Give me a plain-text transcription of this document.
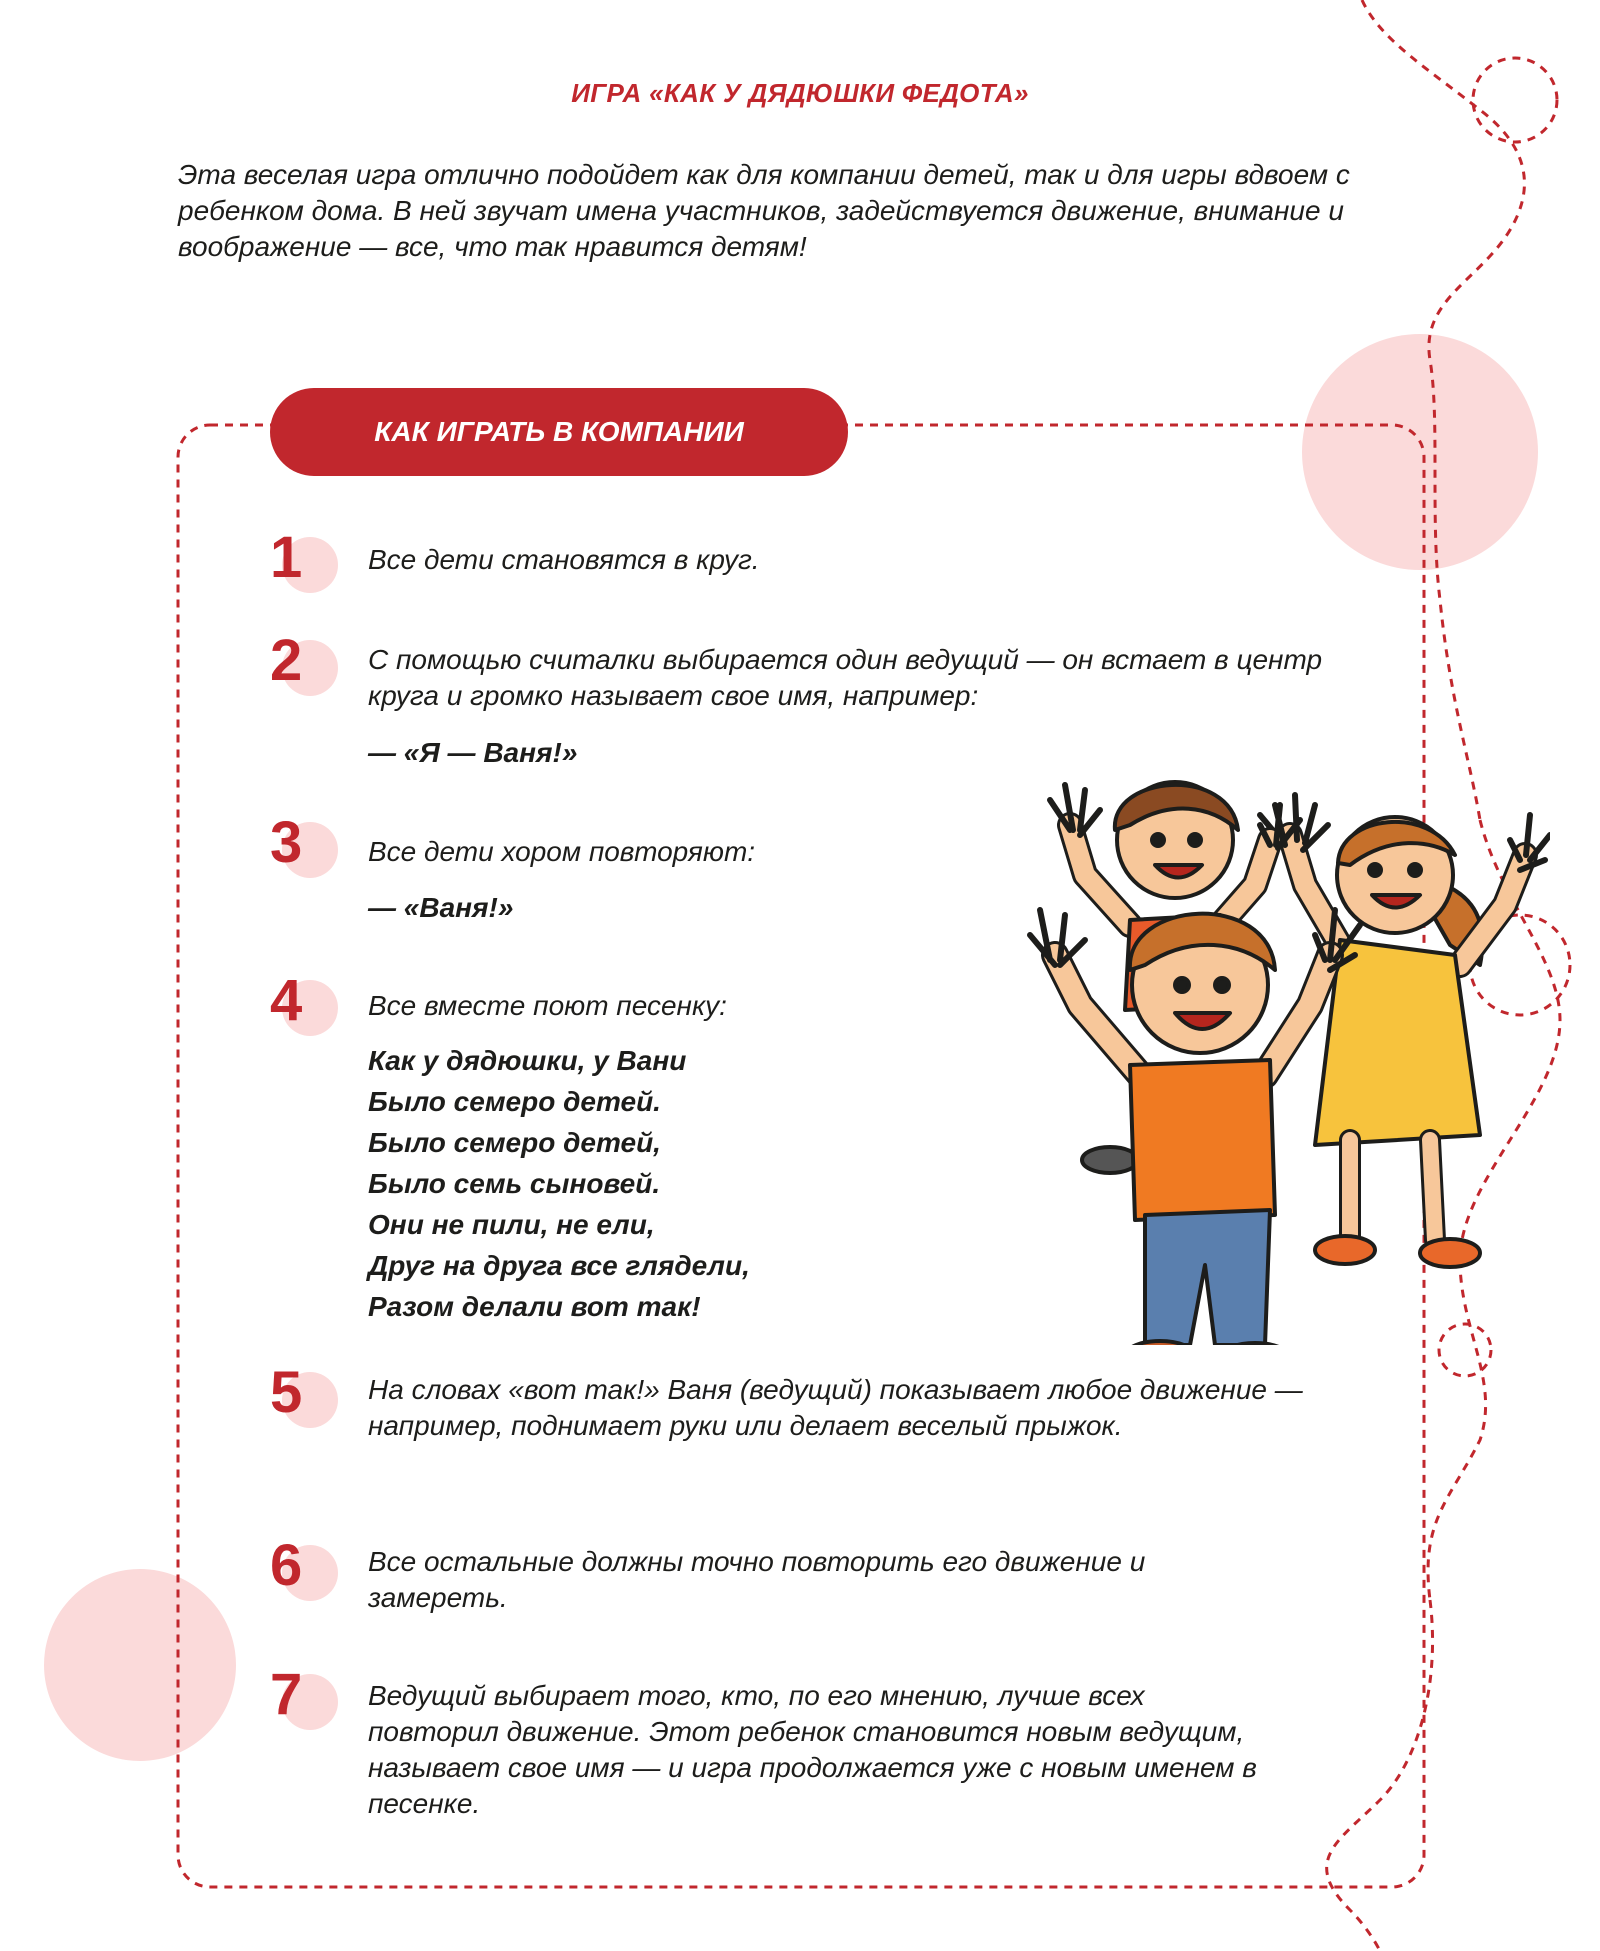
ИГРА «КАК У ДЯДЮШКИ ФЕДОТА»
Эта веселая игра отлично подойдет как для компании детей, так и для игры вдвоем с ребенком дома. В ней звучат имена участников, задействуется движение, внимание и воображение — все, что так нравится детям!
КАК ИГРАТЬ В КОМПАНИИ
1 Все дети становятся в круг.
2 С помощью считалки выбирается один ведущий — он встает в центр круга и громко называет свое имя, например:
— «Я — Ваня!»
3 Все дети хором повторяют:
— «Ваня!»
4 Все вместе поют песенку:
Как у дядюшки, у Вани
Было семеро детей.
Было семеро детей,
Было семь сыновей.
Они не пили, не ели,
Друг на друга все глядели,
Разом делали вот так!
5 На словах «вот так!» Ваня (ведущий) показывает любое движение — например, поднимает руки или делает веселый прыжок.
6 Все остальные должны точно повторить его движение и замереть.
7 Ведущий выбирает того, кто, по его мнению, лучше всех повторил движение. Этот ребенок становится новым ведущим, называет свое имя — и игра продолжается уже с новым именем в песенке.
